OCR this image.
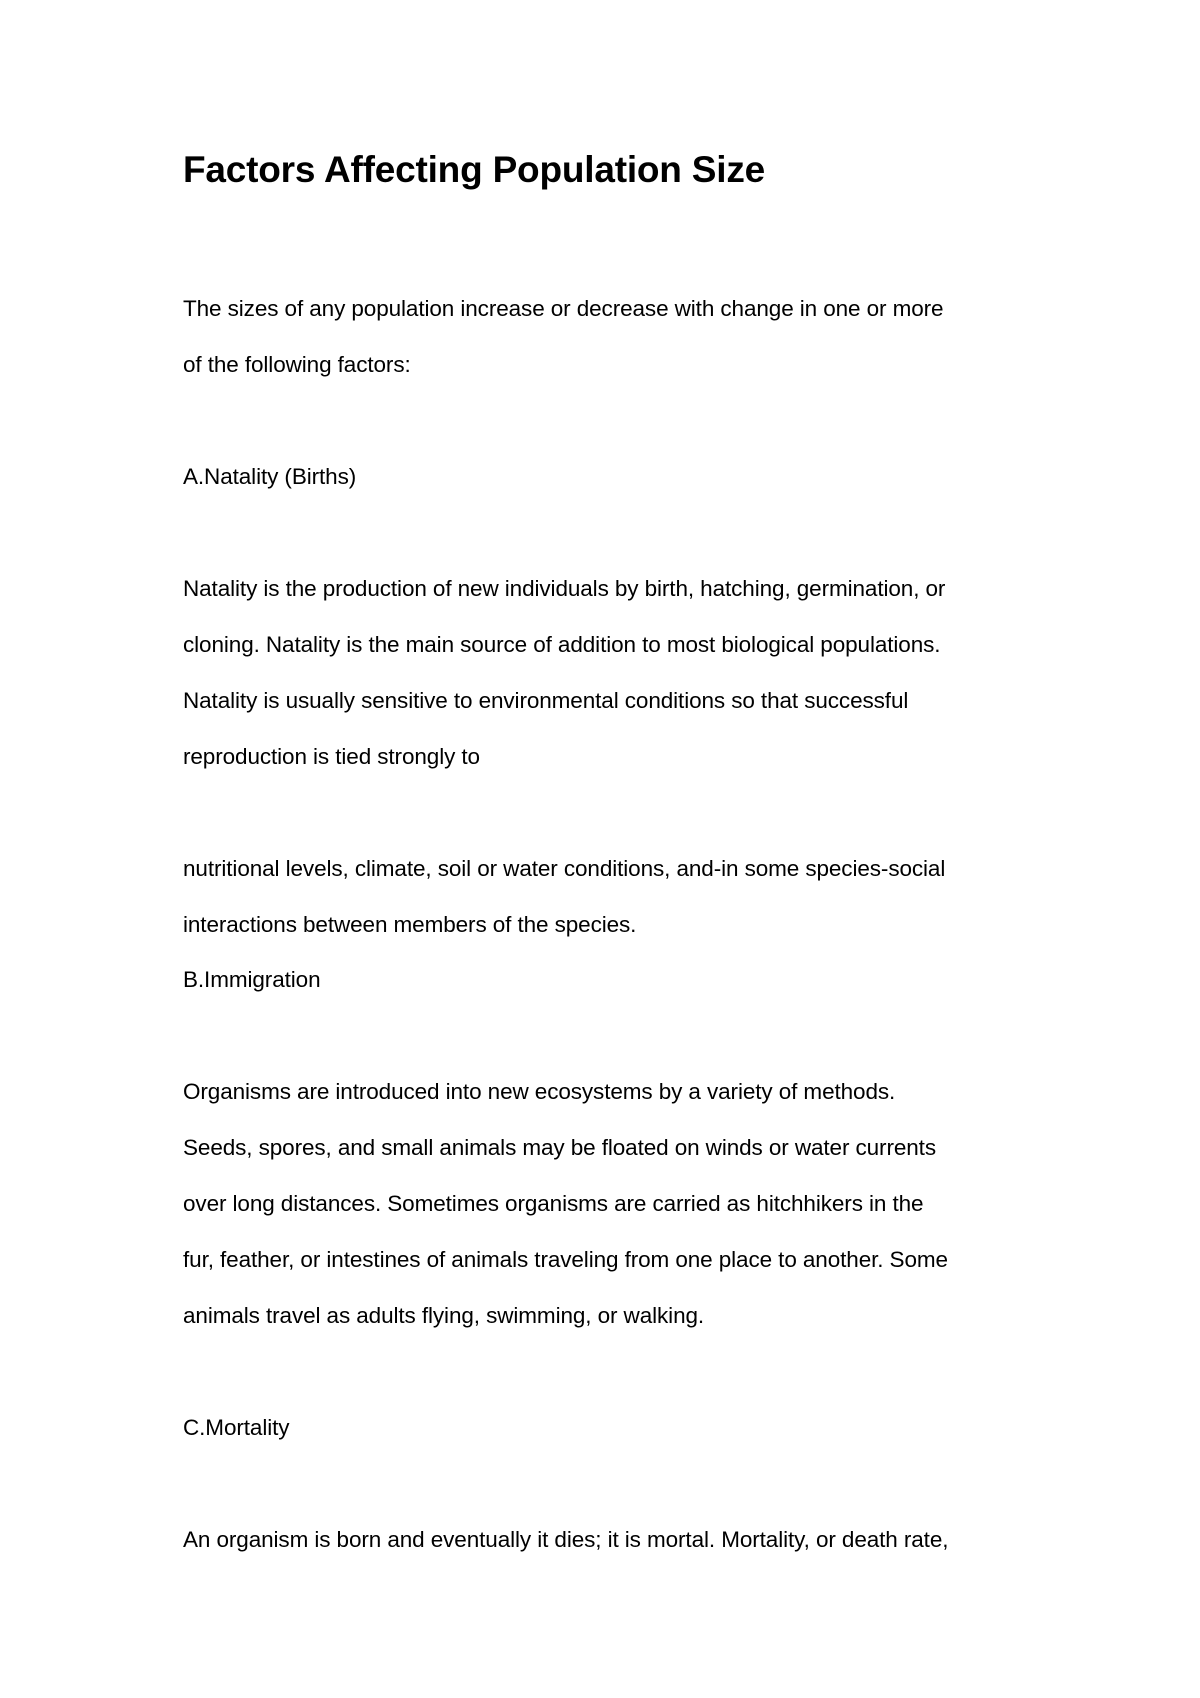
Factors Affecting Population Size

The sizes of any population increase or decrease with change in one or more

of the following factors:

A.Natality (Births)

Natality is the production of new individuals by birth, hatching, germination, or

cloning. Natality is the main source of addition to most biological populations.

Natality is usually sensitive to environmental conditions so that successful

reproduction is tied strongly to

nutritional levels, climate, soil or water conditions, and-in some species-social

interactions between members of the species.

B.Immigration

Organisms are introduced into new ecosystems by a variety of methods.

Seeds, spores, and small animals may be floated on winds or water currents

over long distances. Sometimes organisms are carried as hitchhikers in the

fur, feather, or intestines of animals traveling from one place to another. Some

animals travel as adults flying, swimming, or walking.

C.Mortality

An organism is born and eventually it dies; it is mortal. Mortality, or death rate,
